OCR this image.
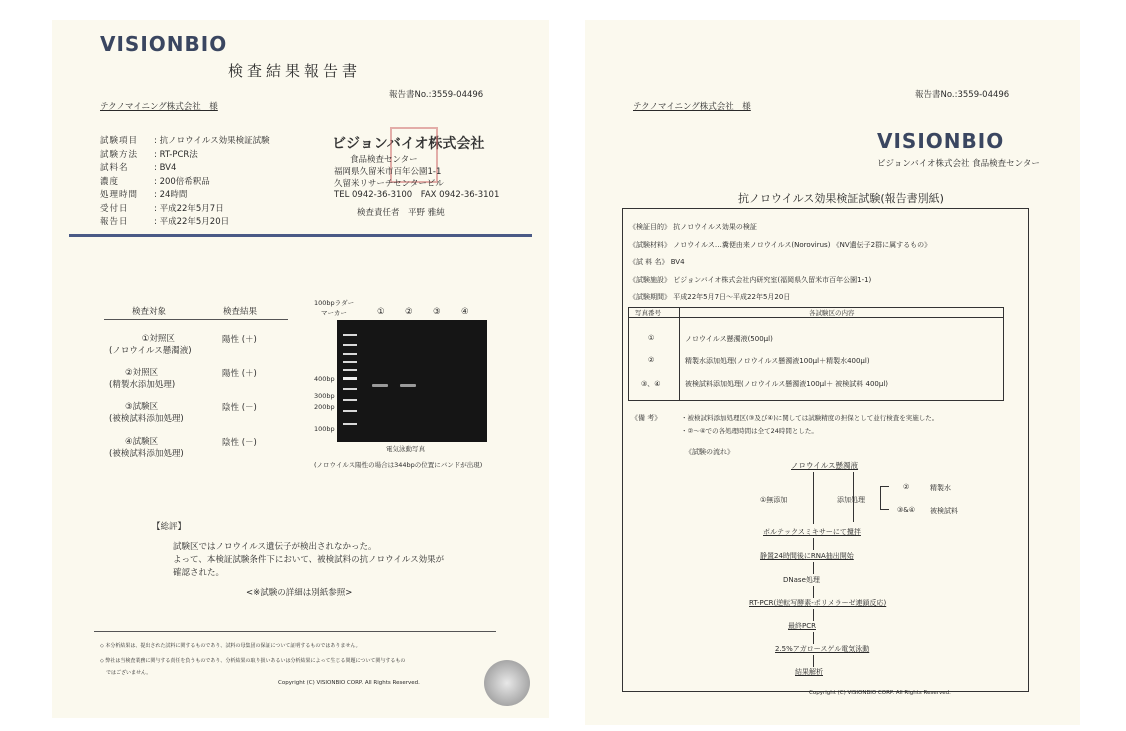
VISIONBIO
検査結果報告書
報告書No.:3559-04496
テクノマイニング株式会社　様
試験項目 : 抗ノロウイルス効果検証試験
試験方法 : RT-PCR法
試料名	: BV4
濃度	: 200倍希釈品
処理時間 : 24時間
受付日	: 平成22年5月7日
報告日	: 平成22年5月20日
ビジョンバイオ株式会社
食品検査センター
福岡県久留米市百年公園1-1
久留米リサーチセンタービル
TEL 0942-36-3100　FAX 0942-36-3101
検査責任者　平野 雅純
検査対象	検査結果
①対照区
(ノロウイルス懸濁液)
陽性 (＋)
②対照区
(精製水添加処理)
陽性 (＋)
③試験区
(被検試料添加処理)
陰性 (－)
④試験区
(被検試料添加処理)
陰性 (－)
100bpラダー
マーカー	① ② ③ ④
400bp
300bp
200bp
100bp
電気泳動写真
(ノロウイルス陽性の場合は344bpの位置にバンドが出現)
【総評】
試験区ではノロウイルス遺伝子が検出されなかった。
よって、本検証試験条件下において、被検試料の抗ノロウイルス効果が
確認された。
<※試験の詳細は別紙参照>
◇ 本分析結果は、提出された試料に関するものであり、試料の母集団の保証について証明するものではありません。
◇ 弊社は当検査業務に関与する責任を負うものであり、分析結果の取り扱いあるいは分析結果によって生じる問題について関与するもの
ではございません。
Copyright (C) VISIONBIO CORP. All Rights Reserved.
報告書No.:3559-04496
テクノマイニング株式会社　様
VISIONBIO
ビジョンバイオ株式会社 食品検査センター
抗ノロウイルス効果検証試験(報告書別紙)
《検証目的》 抗ノロウイルス効果の検証
《試験材料》 ノロウイルス…糞便由来ノロウイルス(Norovirus) 《NV遺伝子2群に属するもの》
《試 料 名》 BV4
《試験施設》 ビジョンバイオ株式会社内研究室(福岡県久留米市百年公園1-1)
《試験期間》 平成22年5月7日～平成22年5月20日
写真番号	各試験区の内容
①	ノロウイルス懸濁液(500μl)
②	精製水添加処理(ノロウイルス懸濁液100μl＋精製水400μl)
③、④	被検試料添加処理(ノロウイルス懸濁液100μl＋ 被検試料 400μl)
《備 考》	・被検試料添加処理区(③及び④)に関しては試験精度の担保として並行検査を実施した。
・②～④での各処理時間は全て24時間とした。
《試験の流れ》
ノロウイルス懸濁液
①無添加	添加処理
②	精製水
③&④ 被検試料
ボルテックスミキサーにて攪拌
静置24時間後にRNA抽出開始
DNase処理
RT-PCR(逆転写酵素-ポリメラーゼ連鎖反応)
最終PCR
2.5%アガロースゲル電気泳動
結果解析
Copyright (C) VISIONBIO CORP. All Rights Reserved.
